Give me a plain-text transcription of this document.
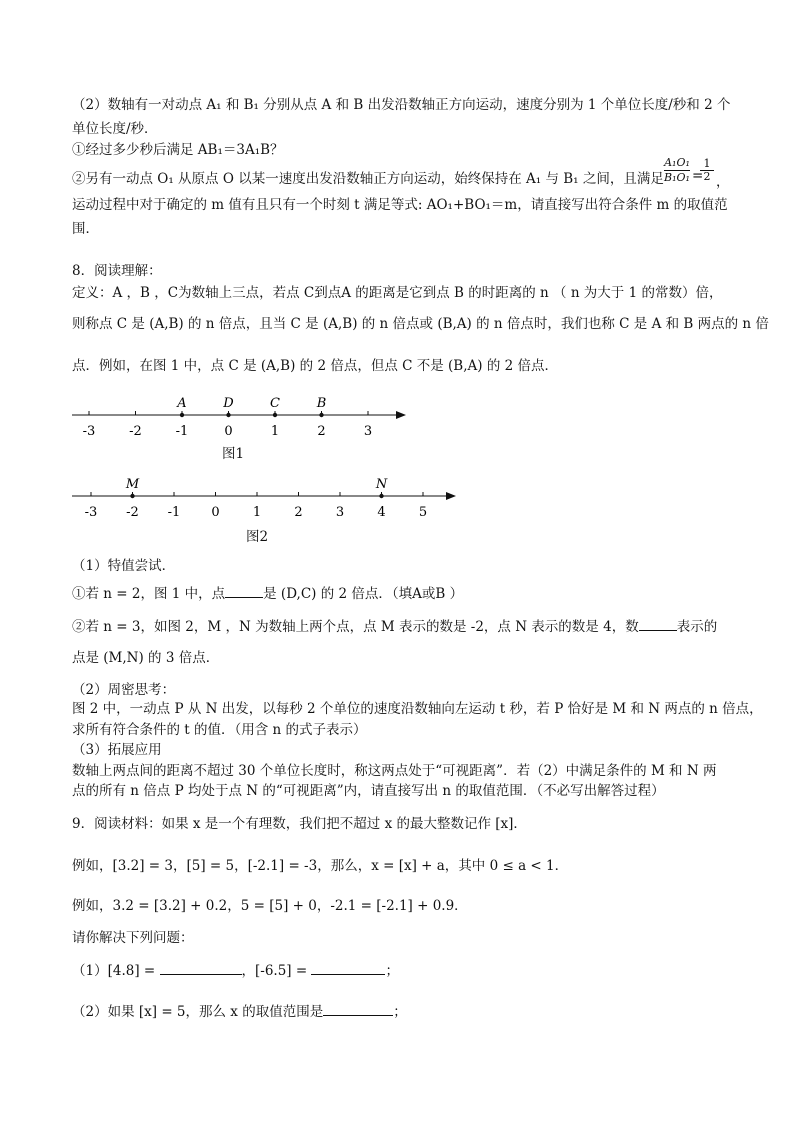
（2）数轴有一对动点 A₁ 和 B₁ 分别从点 A 和 B 出发沿数轴正方向运动，速度分别为 1 个单位长度/秒和 2 个
单位长度/秒．
①经过多少秒后满足 AB₁＝3A₁B？
②另有一动点 O₁ 从原点 O 以某一速度出发沿数轴正方向运动，始终保持在 A₁ 与 B₁ 之间，且满足 $\frac{\text{A₁O₁}}{\text{B₁O₁}}$ =
$\frac{1}{2}$ ，
运动过程中对于确定的 m 值有且只有一个时刻 t 满足等式: AO₁+BO₁＝m，请直接写出符合条件 m 的取值范
围．
8．阅读理解：
定义：A ，B ，C为数轴上三点，若点 C到点A 的距离是它到点 B 的时距离的 n （ n 为大于 1 的常数）倍，
则称点 C 是 (A,B) 的 n 倍点，且当 C 是 (A,B) 的 n 倍点或 (B,A) 的 n 倍点时，我们也称 C 是 A 和 B 两点的 n 倍
点．例如，在图 1 中，点 C 是 (A,B) 的 2 倍点，但点 C 不是 (B,A) 的 2 倍点．
-3	-2	-1	0	1	2	3
A	D	C	B
图1
-3 -2 -1 0	1	2	3	4	5
M	N
图2
（1）特值尝试．
①若 n = 2，图 1 中，点	是 (D,C) 的 2 倍点．（填A或B ）
②若 n = 3，如图 2，M ，N 为数轴上两个点，点 M 表示的数是 -2，点 N 表示的数是 4，数	表示的
点是 (M,N) 的 3 倍点．
（2）周密思考：
图 2 中，一动点 P 从 N 出发，以每秒 2 个单位的速度沿数轴向左运动 t 秒，若 P 恰好是 M 和 N 两点的 n 倍点，
求所有符合条件的 t 的值．（用含 n 的式子表示）
（3）拓展应用
数轴上两点间的距离不超过 30 个单位长度时，称这两点处于“可视距离”．若（2）中满足条件的 M 和 N 两
点的所有 n 倍点 P 均处于点 N 的“可视距离”内，请直接写出 n 的取值范围．（不必写出解答过程）
9．阅读材料：如果 x 是一个有理数，我们把不超过 x 的最大整数记作 [x]．
例如，[3.2] = 3，[5] = 5，[-2.1] = -3，那么，x = [x] + a，其中 0 ≤ a < 1．
例如，3.2 = [3.2] + 0.2，5 = [5] + 0，-2.1 = [-2.1] + 0.9．
请你解决下列问题：
（1）[4.8] =	，[-6.5] =	；
（2）如果 [x] = 5，那么 x 的取值范围是	；
